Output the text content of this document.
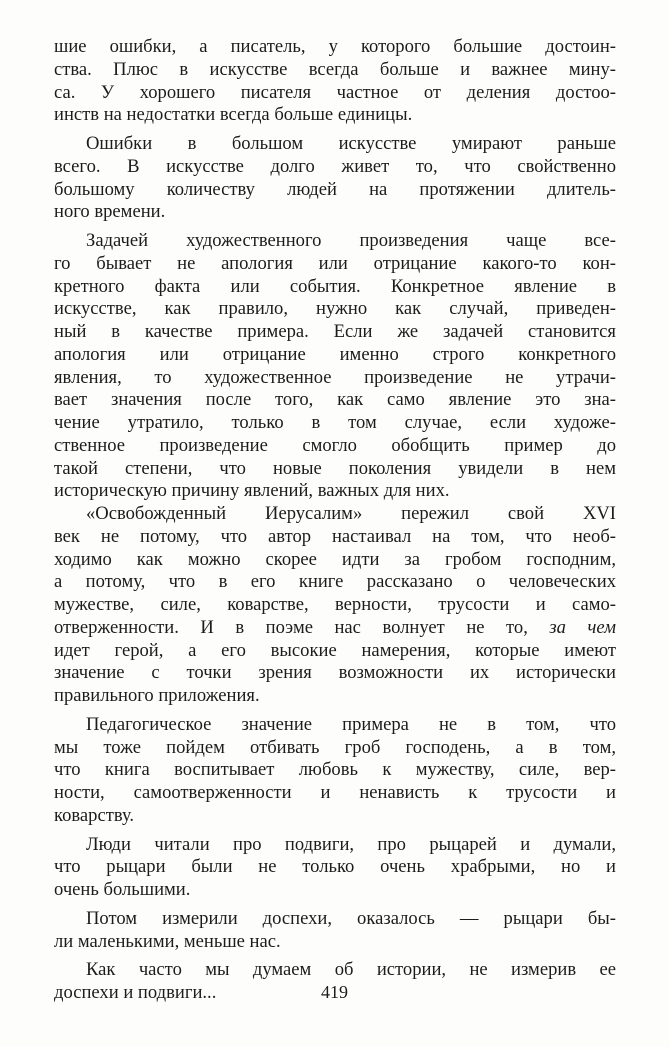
шие ошибки, а писатель, у которого большие достоин-
ства. Плюс в искусстве всегда больше и важнее мину-
са. У хорошего писателя частное от деления достоо-
инств на недостатки всегда больше единицы.

Ошибки в большом искусстве умирают раньше
всего. В искусстве долго живет то, что свойственно
большому количеству людей на протяжении длитель-
ного времени.

Задачей художественного произведения чаще все-
го бывает не апология или отрицание какого-то кон-
кретного факта или события. Конкретное явление в
искусстве, как правило, нужно как случай, приведен-
ный в качестве примера. Если же задачей становится
апология или отрицание именно строго конкретного
явления, то художественное произведение не утрачи-
вает значения после того, как само явление это зна-
чение утратило, только в том случае, если художе-
ственное произведение смогло обобщить пример до
такой степени, что новые поколения увидели в нем
историческую причину явлений, важных для них.

«Освобожденный Иерусалим» пережил свой XVI
век не потому, что автор настаивал на том, что необ-
ходимо как можно скорее идти за гробом господним,
а потому, что в его книге рассказано о человеческих
мужестве, силе, коварстве, верности, трусости и само-
отверженности. И в поэме нас волнует не то, за чем
идет герой, а его высокие намерения, которые имеют
значение с точки зрения возможности их исторически
правильного приложения.

Педагогическое значение примера не в том, что
мы тоже пойдем отбивать гроб господень, а в том,
что книга воспитывает любовь к мужеству, силе, вер-
ности, самоотверженности и ненависть к трусости и
коварству.

Люди читали про подвиги, про рыцарей и думали,
что рыцари были не только очень храбрыми, но и
очень большими.

Потом измерили доспехи, оказалось — рыцари бы-
ли маленькими, меньше нас.

Как часто мы думаем об истории, не измерив ее
доспехи и подвиги...	419
